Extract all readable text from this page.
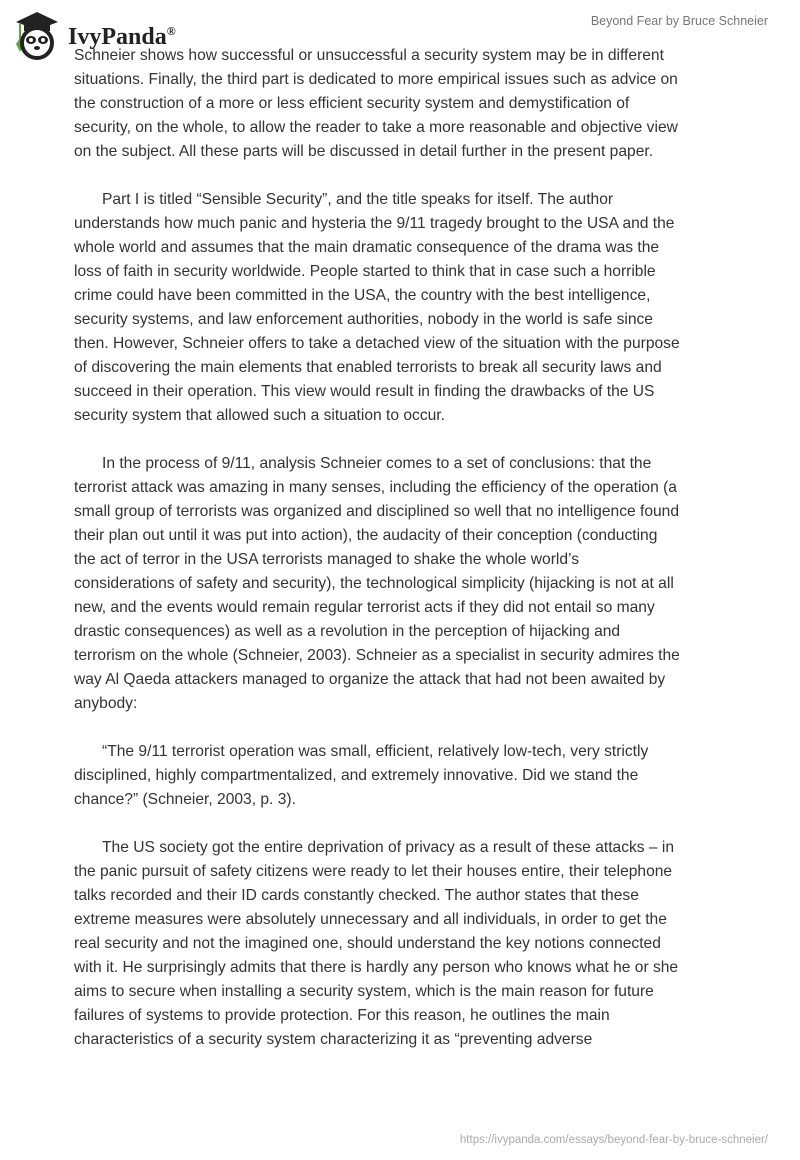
IvyPanda®
Beyond Fear by Bruce Schneier
Schneier shows how successful or unsuccessful a security system may be in different
situations. Finally, the third part is dedicated to more empirical issues such as advice on
the construction of a more or less efficient security system and demystification of
security, on the whole, to allow the reader to take a more reasonable and objective view
on the subject. All these parts will be discussed in detail further in the present paper.
Part I is titled “Sensible Security”, and the title speaks for itself. The author
understands how much panic and hysteria the 9/11 tragedy brought to the USA and the
whole world and assumes that the main dramatic consequence of the drama was the
loss of faith in security worldwide. People started to think that in case such a horrible
crime could have been committed in the USA, the country with the best intelligence,
security systems, and law enforcement authorities, nobody in the world is safe since
then. However, Schneier offers to take a detached view of the situation with the purpose
of discovering the main elements that enabled terrorists to break all security laws and
succeed in their operation. This view would result in finding the drawbacks of the US
security system that allowed such a situation to occur.
In the process of 9/11, analysis Schneier comes to a set of conclusions: that the
terrorist attack was amazing in many senses, including the efficiency of the operation (a
small group of terrorists was organized and disciplined so well that no intelligence found
their plan out until it was put into action), the audacity of their conception (conducting
the act of terror in the USA terrorists managed to shake the whole world’s
considerations of safety and security), the technological simplicity (hijacking is not at all
new, and the events would remain regular terrorist acts if they did not entail so many
drastic consequences) as well as a revolution in the perception of hijacking and
terrorism on the whole (Schneier, 2003). Schneier as a specialist in security admires the
way Al Qaeda attackers managed to organize the attack that had not been awaited by
anybody:
“The 9/11 terrorist operation was small, efficient, relatively low-tech, very strictly
disciplined, highly compartmentalized, and extremely innovative. Did we stand the
chance?” (Schneier, 2003, p. 3).
The US society got the entire deprivation of privacy as a result of these attacks – in
the panic pursuit of safety citizens were ready to let their houses entire, their telephone
talks recorded and their ID cards constantly checked. The author states that these
extreme measures were absolutely unnecessary and all individuals, in order to get the
real security and not the imagined one, should understand the key notions connected
with it. He surprisingly admits that there is hardly any person who knows what he or she
aims to secure when installing a security system, which is the main reason for future
failures of systems to provide protection. For this reason, he outlines the main
characteristics of a security system characterizing it as “preventing adverse
https://ivypanda.com/essays/beyond-fear-by-bruce-schneier/
